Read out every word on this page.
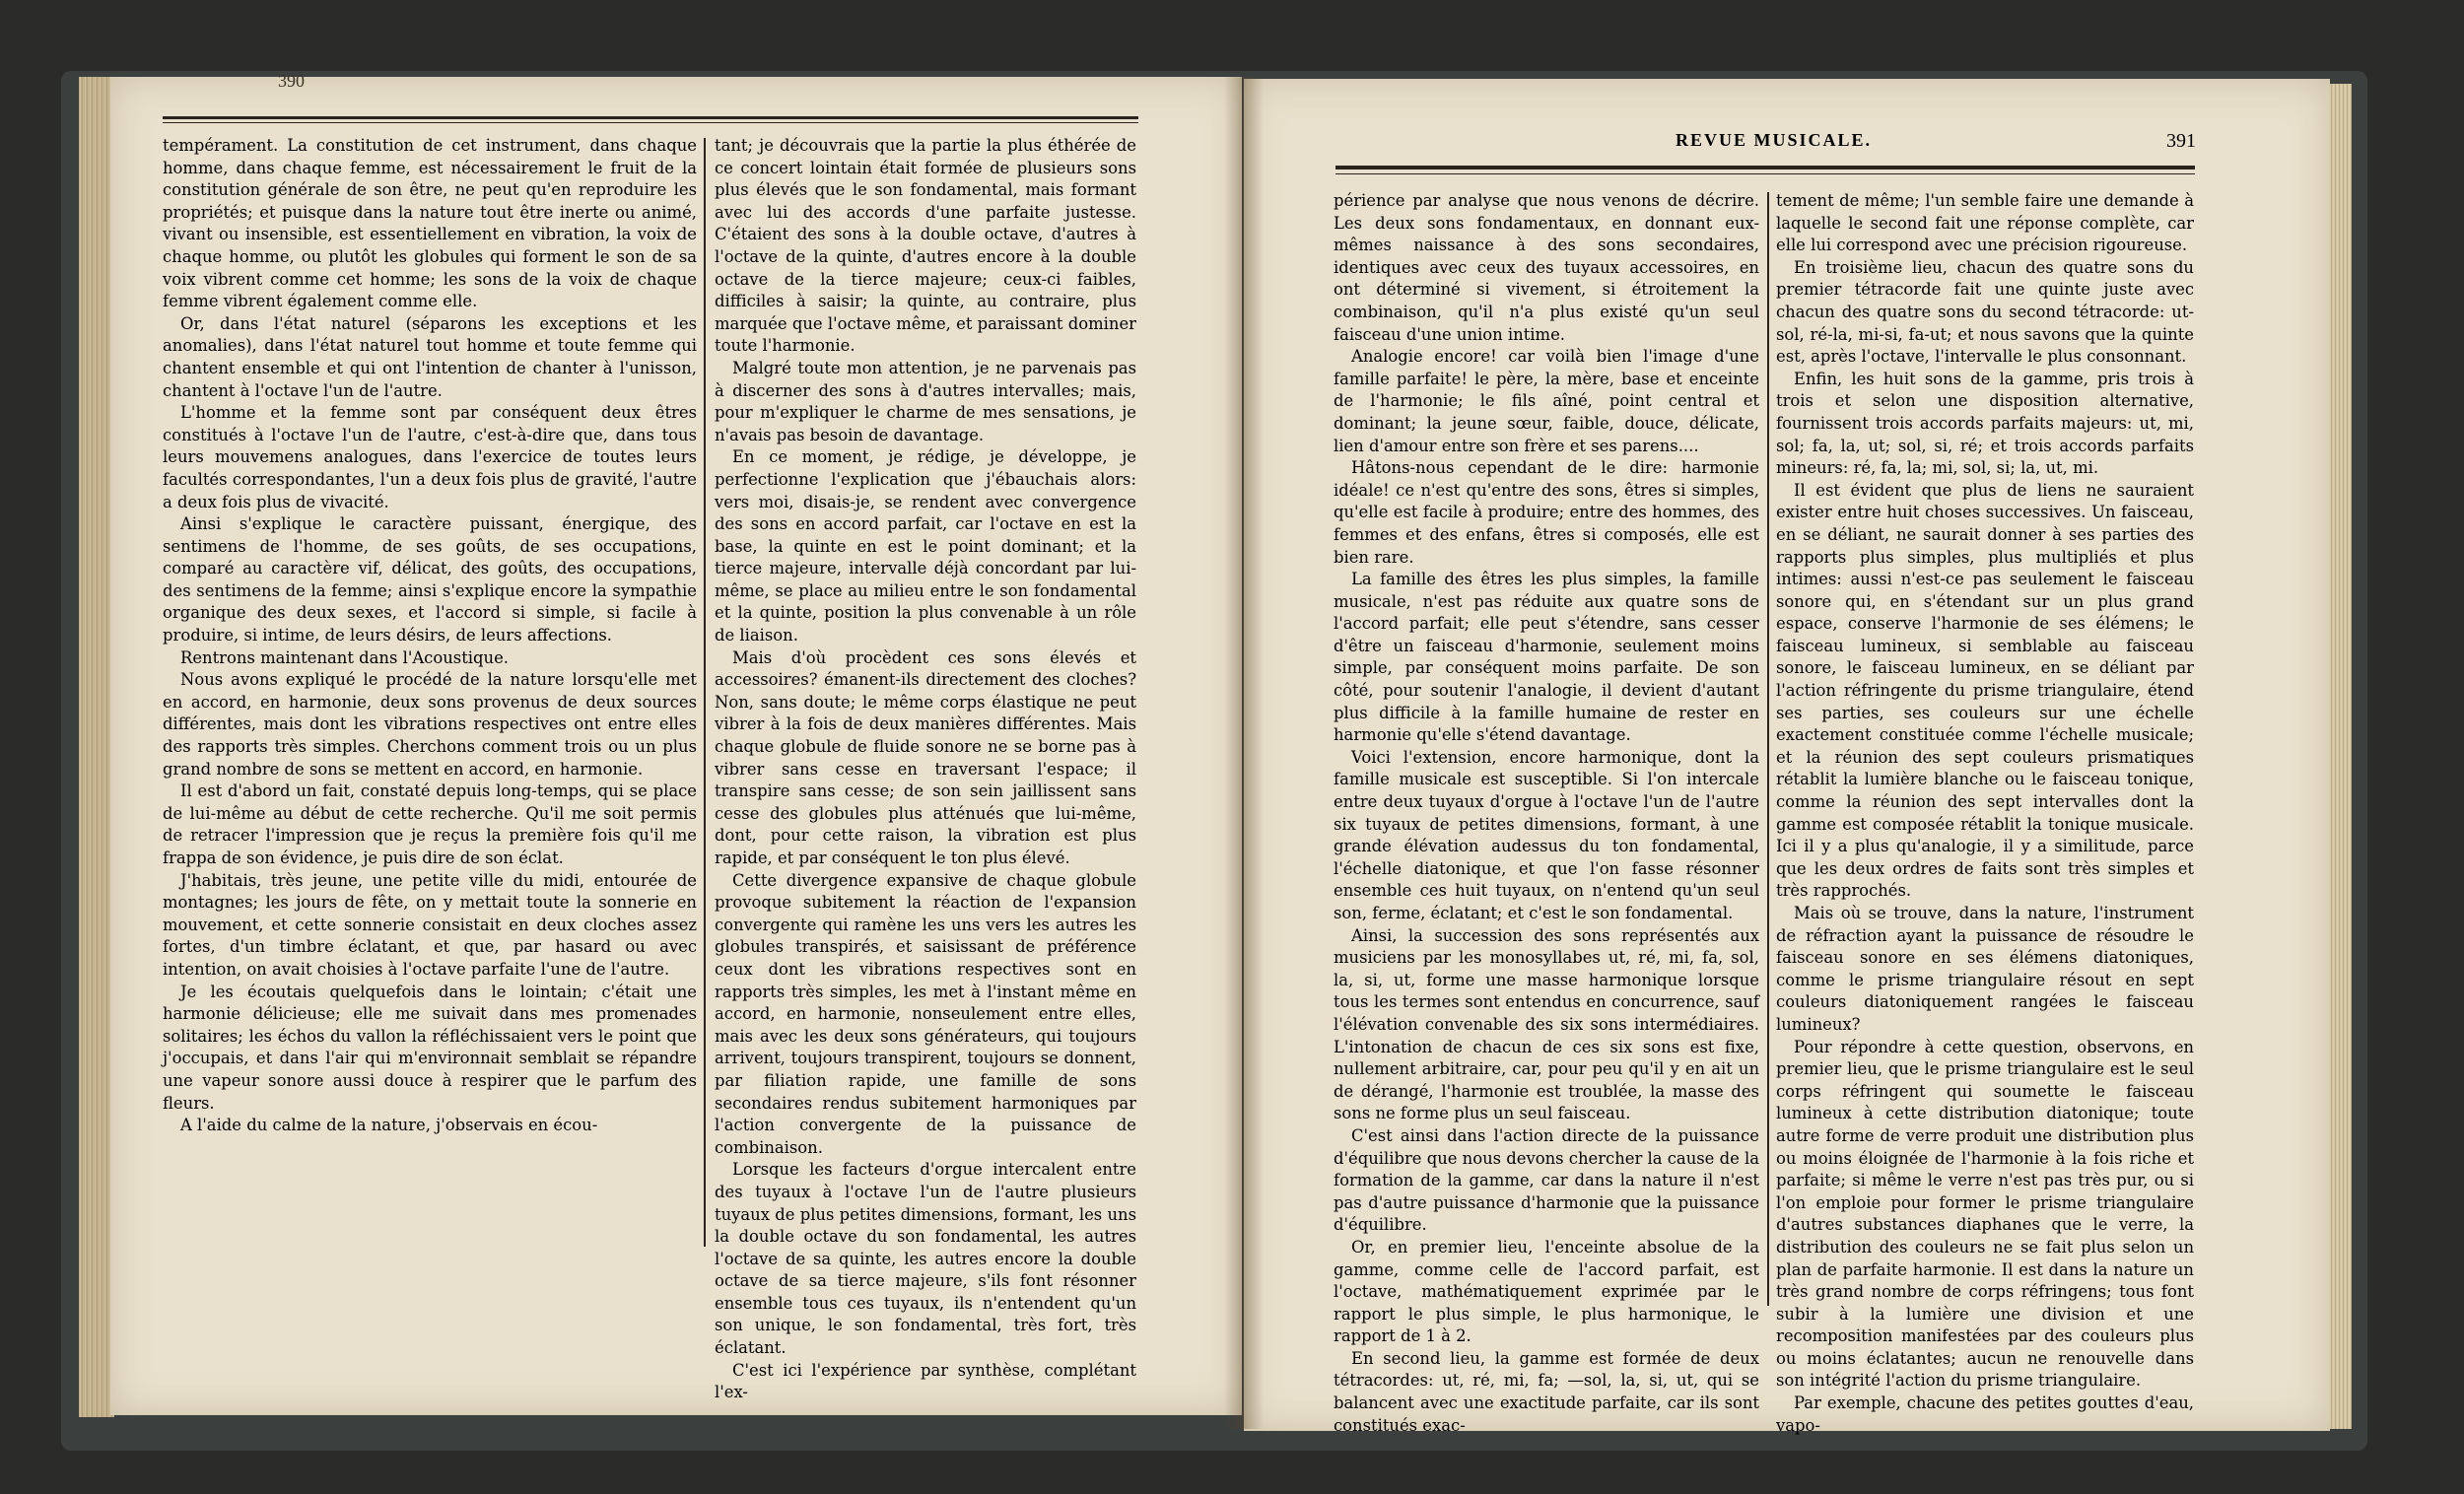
390

tempérament. La constitution de cet instrument, dans chaque homme, dans chaque femme, est nécessairement le fruit de la constitution générale de son être, ne peut qu'en reproduire les propriétés; et puisque dans la nature tout être inerte ou animé, vivant ou insensible, est essentiellement en vibration, la voix de chaque homme, ou plutôt les globules qui forment le son de sa voix vibrent comme cet homme; les sons de la voix de chaque femme vibrent également comme elle.

Or, dans l'état naturel (séparons les exceptions et les anomalies), dans l'état naturel tout homme et toute femme qui chantent ensemble et qui ont l'intention de chanter à l'unisson, chantent à l'octave l'un de l'autre.

L'homme et la femme sont par conséquent deux êtres constitués à l'octave l'un de l'autre, c'est-à-dire que, dans tous leurs mouvemens analogues, dans l'exercice de toutes leurs facultés correspondantes, l'un a deux fois plus de gravité, l'autre a deux fois plus de vivacité.

Ainsi s'explique le caractère puissant, énergique, des sentimens de l'homme, de ses goûts, de ses occupations, comparé au caractère vif, délicat, des goûts, des occupations, des sentimens de la femme; ainsi s'explique encore la sympathie organique des deux sexes, et l'accord si simple, si facile à produire, si intime, de leurs désirs, de leurs affections.

Rentrons maintenant dans l'Acoustique.

Nous avons expliqué le procédé de la nature lorsqu'elle met en accord, en harmonie, deux sons provenus de deux sources différentes, mais dont les vibrations respectives ont entre elles des rapports très simples. Cherchons comment trois ou un plus grand nombre de sons se mettent en accord, en harmonie.

Il est d'abord un fait, constaté depuis long-temps, qui se place de lui-même au début de cette recherche. Qu'il me soit permis de retracer l'impression que je reçus la première fois qu'il me frappa de son évidence, je puis dire de son éclat.

J'habitais, très jeune, une petite ville du midi, entourée de montagnes; les jours de fête, on y mettait toute la sonnerie en mouvement, et cette sonnerie consistait en deux cloches assez fortes, d'un timbre éclatant, et que, par hasard ou avec intention, on avait choisies à l'octave parfaite l'une de l'autre.

Je les écoutais quelquefois dans le lointain; c'était une harmonie délicieuse; elle me suivait dans mes promenades solitaires; les échos du vallon la réfléchissaient vers le point que j'occupais, et dans l'air qui m'environnait semblait se répandre une vapeur sonore aussi douce à respirer que le parfum des fleurs.

A l'aide du calme de la nature, j'observais en écou-

tant; je découvrais que la partie la plus éthérée de ce concert lointain était formée de plusieurs sons plus élevés que le son fondamental, mais formant avec lui des accords d'une parfaite justesse. C'étaient des sons à la double octave, d'autres à l'octave de la quinte, d'autres encore à la double octave de la tierce majeure; ceux-ci faibles, difficiles à saisir; la quinte, au contraire, plus marquée que l'octave même, et paraissant dominer toute l'harmonie.

Malgré toute mon attention, je ne parvenais pas à discerner des sons à d'autres intervalles; mais, pour m'expliquer le charme de mes sensations, je n'avais pas besoin de davantage.

En ce moment, je rédige, je développe, je perfectionne l'explication que j'ébauchais alors: vers moi, disais-je, se rendent avec convergence des sons en accord parfait, car l'octave en est la base, la quinte en est le point dominant; et la tierce majeure, intervalle déjà concordant par lui-même, se place au milieu entre le son fondamental et la quinte, position la plus convenable à un rôle de liaison.

Mais d'où procèdent ces sons élevés et accessoires? émanent-ils directement des cloches? Non, sans doute; le même corps élastique ne peut vibrer à la fois de deux manières différentes. Mais chaque globule de fluide sonore ne se borne pas à vibrer sans cesse en traversant l'espace; il transpire sans cesse; de son sein jaillissent sans cesse des globules plus atténués que lui-même, dont, pour cette raison, la vibration est plus rapide, et par conséquent le ton plus élevé.

Cette divergence expansive de chaque globule provoque subitement la réaction de l'expansion convergente qui ramène les uns vers les autres les globules transpirés, et saisissant de préférence ceux dont les vibrations respectives sont en rapports très simples, les met à l'instant même en accord, en harmonie, nonseulement entre elles, mais avec les deux sons générateurs, qui toujours arrivent, toujours transpirent, toujours se donnent, par filiation rapide, une famille de sons secondaires rendus subitement harmoniques par l'action convergente de la puissance de combinaison.

Lorsque les facteurs d'orgue intercalent entre des tuyaux à l'octave l'un de l'autre plusieurs tuyaux de plus petites dimensions, formant, les uns la double octave du son fondamental, les autres l'octave de sa quinte, les autres encore la double octave de sa tierce majeure, s'ils font résonner ensemble tous ces tuyaux, ils n'entendent qu'un son unique, le son fondamental, très fort, très éclatant.

C'est ici l'expérience par synthèse, complétant l'ex-

REVUE MUSICALE.	391

périence par analyse que nous venons de décrire. Les deux sons fondamentaux, en donnant eux-mêmes naissance à des sons secondaires, identiques avec ceux des tuyaux accessoires, en ont déterminé si vivement, si étroitement la combinaison, qu'il n'a plus existé qu'un seul faisceau d'une union intime.

Analogie encore! car voilà bien l'image d'une famille parfaite! le père, la mère, base et enceinte de l'harmonie; le fils aîné, point central et dominant; la jeune sœur, faible, douce, délicate, lien d'amour entre son frère et ses parens....

Hâtons-nous cependant de le dire: harmonie idéale! ce n'est qu'entre des sons, êtres si simples, qu'elle est facile à produire; entre des hommes, des femmes et des enfans, êtres si composés, elle est bien rare.

La famille des êtres les plus simples, la famille musicale, n'est pas réduite aux quatre sons de l'accord parfait; elle peut s'étendre, sans cesser d'être un faisceau d'harmonie, seulement moins simple, par conséquent moins parfaite. De son côté, pour soutenir l'analogie, il devient d'autant plus difficile à la famille humaine de rester en harmonie qu'elle s'étend davantage.

Voici l'extension, encore harmonique, dont la famille musicale est susceptible. Si l'on intercale entre deux tuyaux d'orgue à l'octave l'un de l'autre six tuyaux de petites dimensions, formant, à une grande élévation audessus du ton fondamental, l'échelle diatonique, et que l'on fasse résonner ensemble ces huit tuyaux, on n'entend qu'un seul son, ferme, éclatant; et c'est le son fondamental.

Ainsi, la succession des sons représentés aux musiciens par les monosyllabes ut, ré, mi, fa, sol, la, si, ut, forme une masse harmonique lorsque tous les termes sont entendus en concurrence, sauf l'élévation convenable des six sons intermédiaires. L'intonation de chacun de ces six sons est fixe, nullement arbitraire, car, pour peu qu'il y en ait un de dérangé, l'harmonie est troublée, la masse des sons ne forme plus un seul faisceau.

C'est ainsi dans l'action directe de la puissance d'équilibre que nous devons chercher la cause de la formation de la gamme, car dans la nature il n'est pas d'autre puissance d'harmonie que la puissance d'équilibre.

Or, en premier lieu, l'enceinte absolue de la gamme, comme celle de l'accord parfait, est l'octave, mathématiquement exprimée par le rapport le plus simple, le plus harmonique, le rapport de 1 à 2.

En second lieu, la gamme est formée de deux tétracordes: ut, ré, mi, fa; —sol, la, si, ut, qui se balancent avec une exactitude parfaite, car ils sont constitués exac-

tement de même; l'un semble faire une demande à laquelle le second fait une réponse complète, car elle lui correspond avec une précision rigoureuse.

En troisième lieu, chacun des quatre sons du premier tétracorde fait une quinte juste avec chacun des quatre sons du second tétracorde: ut-sol, ré-la, mi-si, fa-ut; et nous savons que la quinte est, après l'octave, l'intervalle le plus consonnant.

Enfin, les huit sons de la gamme, pris trois à trois et selon une disposition alternative, fournissent trois accords parfaits majeurs: ut, mi, sol; fa, la, ut; sol, si, ré; et trois accords parfaits mineurs: ré, fa, la; mi, sol, si; la, ut, mi.

Il est évident que plus de liens ne sauraient exister entre huit choses successives. Un faisceau, en se déliant, ne saurait donner à ses parties des rapports plus simples, plus multipliés et plus intimes: aussi n'est-ce pas seulement le faisceau sonore qui, en s'étendant sur un plus grand espace, conserve l'harmonie de ses élémens; le faisceau lumineux, si semblable au faisceau sonore, le faisceau lumineux, en se déliant par l'action réfringente du prisme triangulaire, étend ses parties, ses couleurs sur une échelle exactement constituée comme l'échelle musicale; et la réunion des sept couleurs prismatiques rétablit la lumière blanche ou le faisceau tonique, comme la réunion des sept intervalles dont la gamme est composée rétablit la tonique musicale. Ici il y a plus qu'analogie, il y a similitude, parce que les deux ordres de faits sont très simples et très rapprochés.

Mais où se trouve, dans la nature, l'instrument de réfraction ayant la puissance de résoudre le faisceau sonore en ses élémens diatoniques, comme le prisme triangulaire résout en sept couleurs diatoniquement rangées le faisceau lumineux?

Pour répondre à cette question, observons, en premier lieu, que le prisme triangulaire est le seul corps réfringent qui soumette le faisceau lumineux à cette distribution diatonique; toute autre forme de verre produit une distribution plus ou moins éloignée de l'harmonie à la fois riche et parfaite; si même le verre n'est pas très pur, ou si l'on emploie pour former le prisme triangulaire d'autres substances diaphanes que le verre, la distribution des couleurs ne se fait plus selon un plan de parfaite harmonie. Il est dans la nature un très grand nombre de corps réfringens; tous font subir à la lumière une division et une recomposition manifestées par des couleurs plus ou moins éclatantes; aucun ne renouvelle dans son intégrité l'action du prisme triangulaire.

Par exemple, chacune des petites gouttes d'eau, vapo-
